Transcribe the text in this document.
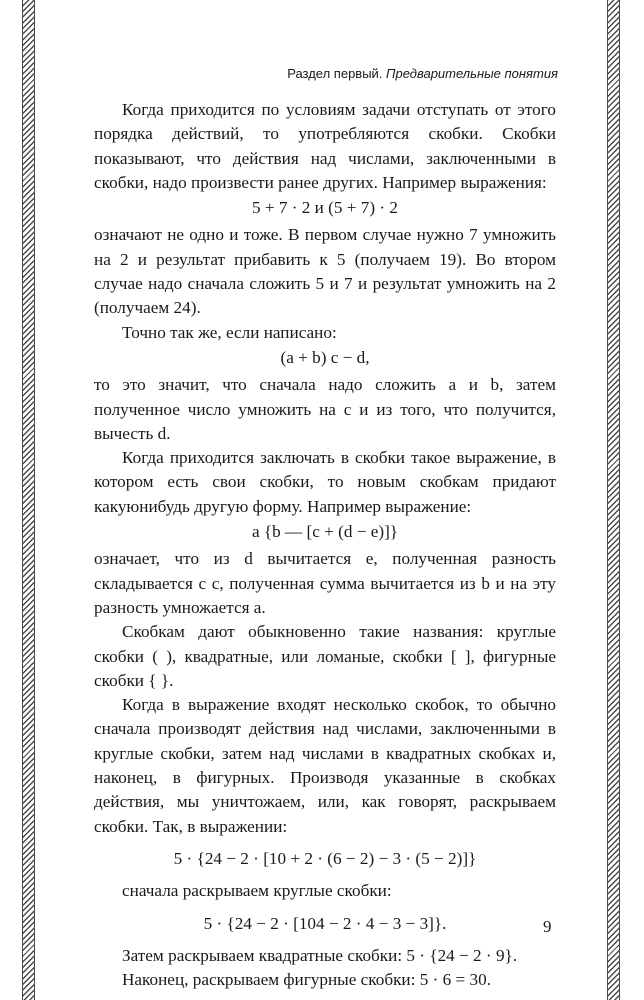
Раздел первый. Предварительные понятия

Когда приходится по условиям задачи отступать от этого порядка действий, то употребляются скобки. Скобки показывают, что действия над числами, заключенными в скобки, надо произвести ранее других. Например выражения:

5 + 7 · 2 и (5 + 7) · 2

означают не одно и тоже. В первом случае нужно 7 умножить на 2 и результат прибавить к 5 (получаем 19). Во втором случае надо сначала сложить 5 и 7 и результат умножить на 2 (получаем 24).

Точно так же, если написано:

(a + b) c − d,

то это значит, что сначала надо сложить a и b, затем полученное число умножить на c и из того, что получится, вычесть d.

Когда приходится заключать в скобки такое выражение, в котором есть свои скобки, то новым скобкам придают какуюнибудь другую форму. Например выражение:

a {b — [c + (d − e)]}

означает, что из d вычитается e, полученная разность складывается с c, полученная сумма вычитается из b и на эту разность умножается a.

Скобкам дают обыкновенно такие названия: круглые скобки ( ), квадратные, или ломаные, скобки [ ], фигурные скобки { }.

Когда в выражение входят несколько скобок, то обычно сначала производят действия над числами, заключенными в круглые скобки, затем над числами в квадратных скобках и, наконец, в фигурных. Производя указанные в скобках действия, мы уничтожаем, или, как говорят, раскрываем скобки. Так, в выражении:

5 · {24 − 2 · [10 + 2 · (6 − 2) − 3 · (5 − 2)]}

сначала раскрываем круглые скобки:

5 · {24 − 2 · [104 − 2 · 4 − 3 − 3]}.

Затем раскрываем квадратные скобки: 5 · {24 − 2 · 9}.

Наконец, раскрываем фигурные скобки: 5 · 6 = 30.

9
